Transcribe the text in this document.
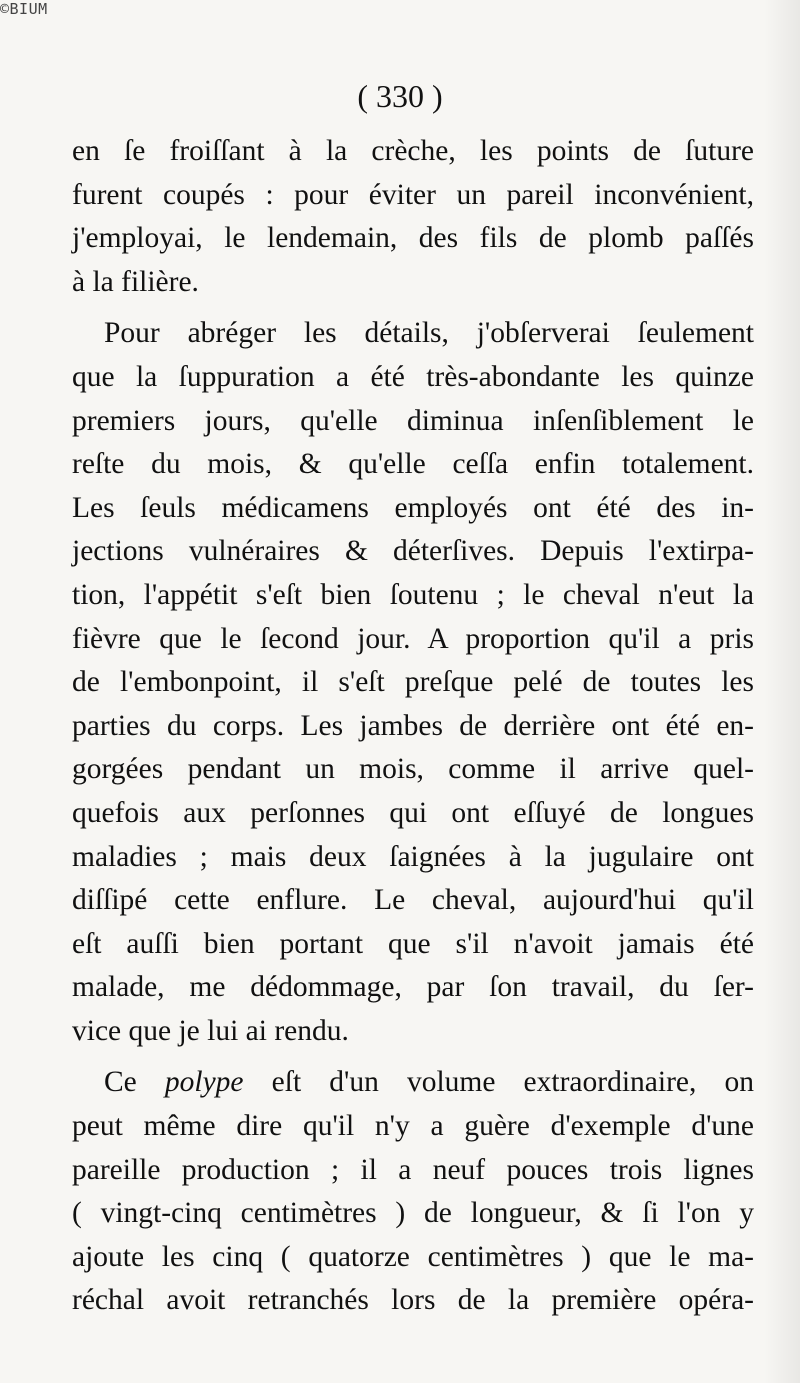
©BIUM
( 330 )
en ſe froiſſant à la crèche, les points de ſuture
furent coupés : pour éviter un pareil inconvénient,
j'employai, le lendemain, des fils de plomb paſſés
à la filière.
Pour abréger les détails, j'obſerverai ſeulement
que la ſuppuration a été très-abondante les quinze
premiers jours, qu'elle diminua inſenſiblement le
reſte du mois, & qu'elle ceſſa enfin totalement.
Les ſeuls médicamens employés ont été des in-
jections vulnéraires & déterſives. Depuis l'extirpa-
tion, l'appétit s'eſt bien ſoutenu ; le cheval n'eut la
fièvre que le ſecond jour. A proportion qu'il a pris
de l'embonpoint, il s'eſt preſque pelé de toutes les
parties du corps. Les jambes de derrière ont été en-
gorgées pendant un mois, comme il arrive quel-
quefois aux perſonnes qui ont eſſuyé de longues
maladies ; mais deux ſaignées à la jugulaire ont
diſſipé cette enflure. Le cheval, aujourd'hui qu'il
eſt auſſi bien portant que s'il n'avoit jamais été
malade, me dédommage, par ſon travail, du ſer-
vice que je lui ai rendu.
Ce polype eſt d'un volume extraordinaire, on
peut même dire qu'il n'y a guère d'exemple d'une
pareille production ; il a neuf pouces trois lignes
( vingt-cinq centimètres ) de longueur, & ſi l'on y
ajoute les cinq ( quatorze centimètres ) que le ma-
réchal avoit retranchés lors de la première opéra-
